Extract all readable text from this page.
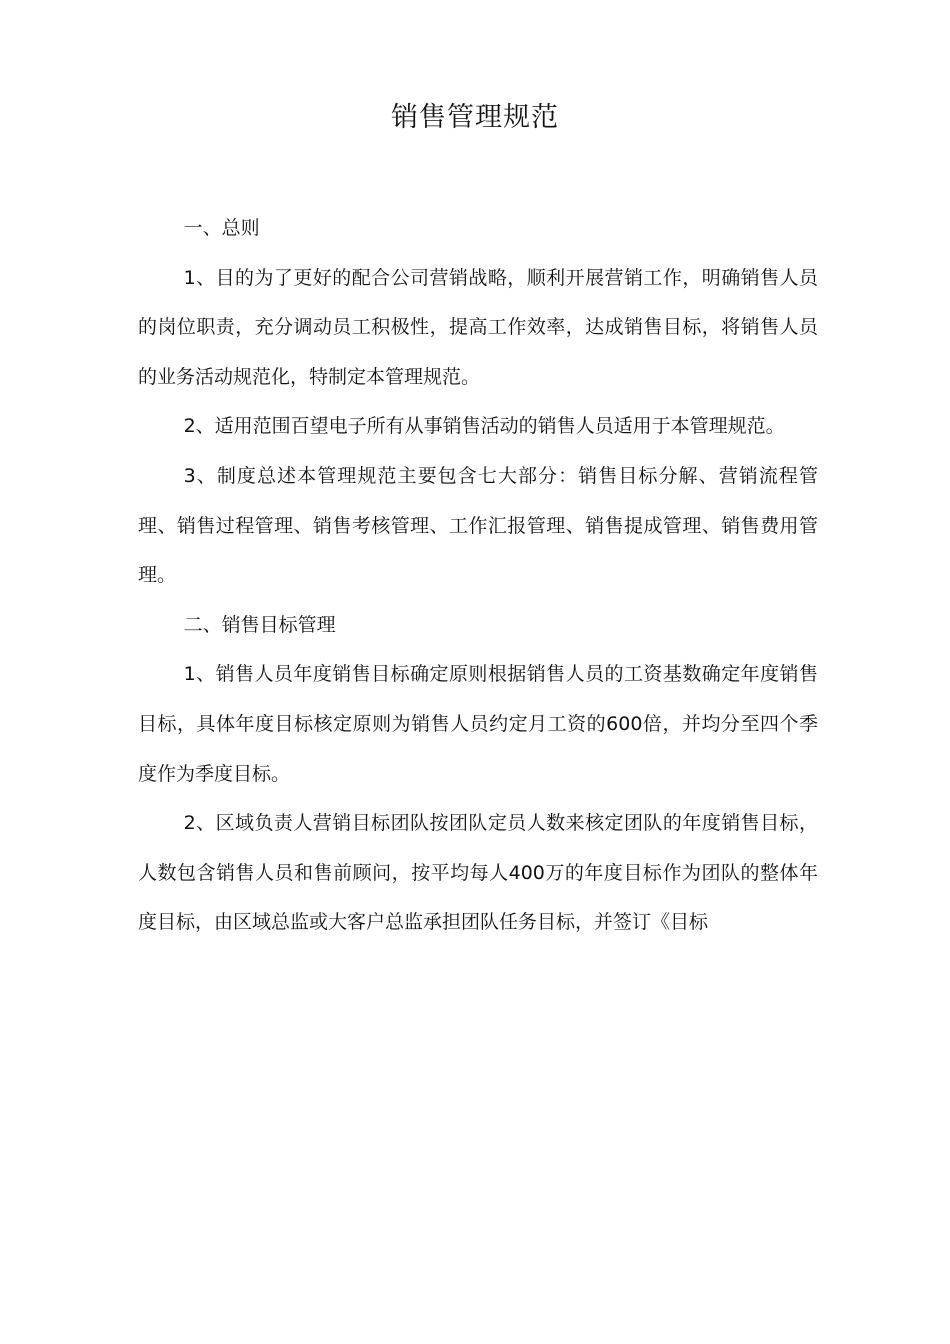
销售管理规范

一、总则

1、目的为了更好的配合公司营销战略，顺利开展营销工作，明确销售人员的岗位职责，充分调动员工积极性，提高工作效率，达成销售目标，将销售人员的业务活动规范化，特制定本管理规范。

2、适用范围百望电子所有从事销售活动的销售人员适用于本管理规范。

3、制度总述本管理规范主要包含七大部分：销售目标分解、营销流程管理、销售过程管理、销售考核管理、工作汇报管理、销售提成管理、销售费用管理。

二、销售目标管理

1、销售人员年度销售目标确定原则根据销售人员的工资基数确定年度销售目标，具体年度目标核定原则为销售人员约定月工资的600倍，并均分至四个季度作为季度目标。

2、区域负责人营销目标团队按团队定员人数来核定团队的年度销售目标，人数包含销售人员和售前顾问，按平均每人400万的年度目标作为团队的整体年度目标，由区域总监或大客户总监承担团队任务目标，并签订《目标
